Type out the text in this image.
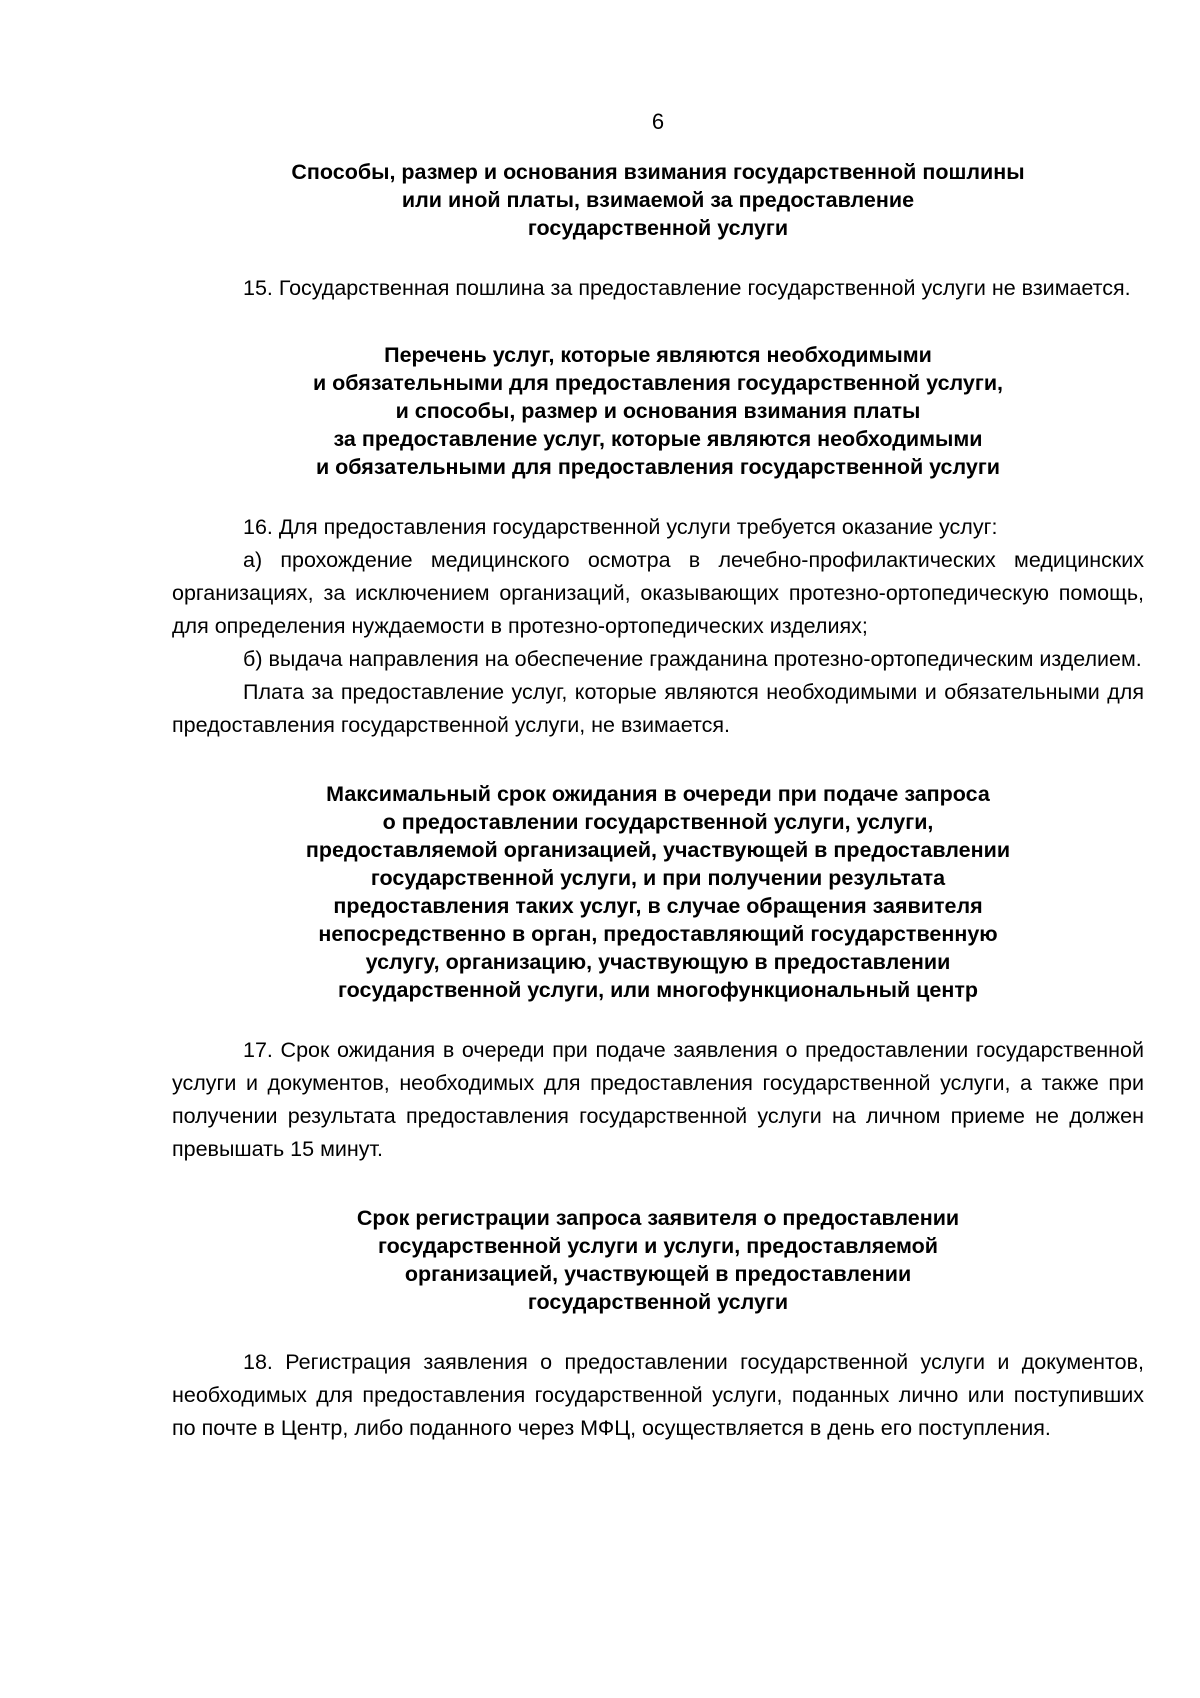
6
Способы, размер и основания взимания государственной пошлины
или иной платы, взимаемой за предоставление
государственной услуги

15. Государственная пошлина за предоставление государственной услуги не взимается.

Перечень услуг, которые являются необходимыми
и обязательными для предоставления государственной услуги,
и способы, размер и основания взимания платы
за предоставление услуг, которые являются необходимыми
и обязательными для предоставления государственной услуги

16. Для предоставления государственной услуги требуется оказание услуг:

а) прохождение медицинского осмотра в лечебно-профилактических медицинских организациях, за исключением организаций, оказывающих протезно-ортопедическую помощь, для определения нуждаемости в протезно-ортопедических изделиях;

б) выдача направления на обеспечение гражданина протезно-ортопедическим изделием.

Плата за предоставление услуг, которые являются необходимыми и обязательными для предоставления государственной услуги, не взимается.

Максимальный срок ожидания в очереди при подаче запроса
о предоставлении государственной услуги, услуги,
предоставляемой организацией, участвующей в предоставлении
государственной услуги, и при получении результата
предоставления таких услуг, в случае обращения заявителя
непосредственно в орган, предоставляющий государственную
услугу, организацию, участвующую в предоставлении
государственной услуги, или многофункциональный центр

17. Срок ожидания в очереди при подаче заявления о предоставлении государственной услуги и документов, необходимых для предоставления государственной услуги, а также при получении результата предоставления государственной услуги на личном приеме не должен превышать 15 минут.

Срок регистрации запроса заявителя о предоставлении
государственной услуги и услуги, предоставляемой
организацией, участвующей в предоставлении
государственной услуги

18. Регистрация заявления о предоставлении государственной услуги и документов, необходимых для предоставления государственной услуги, поданных лично или поступивших по почте в Центр, либо поданного через МФЦ, осуществляется в день его поступления.
